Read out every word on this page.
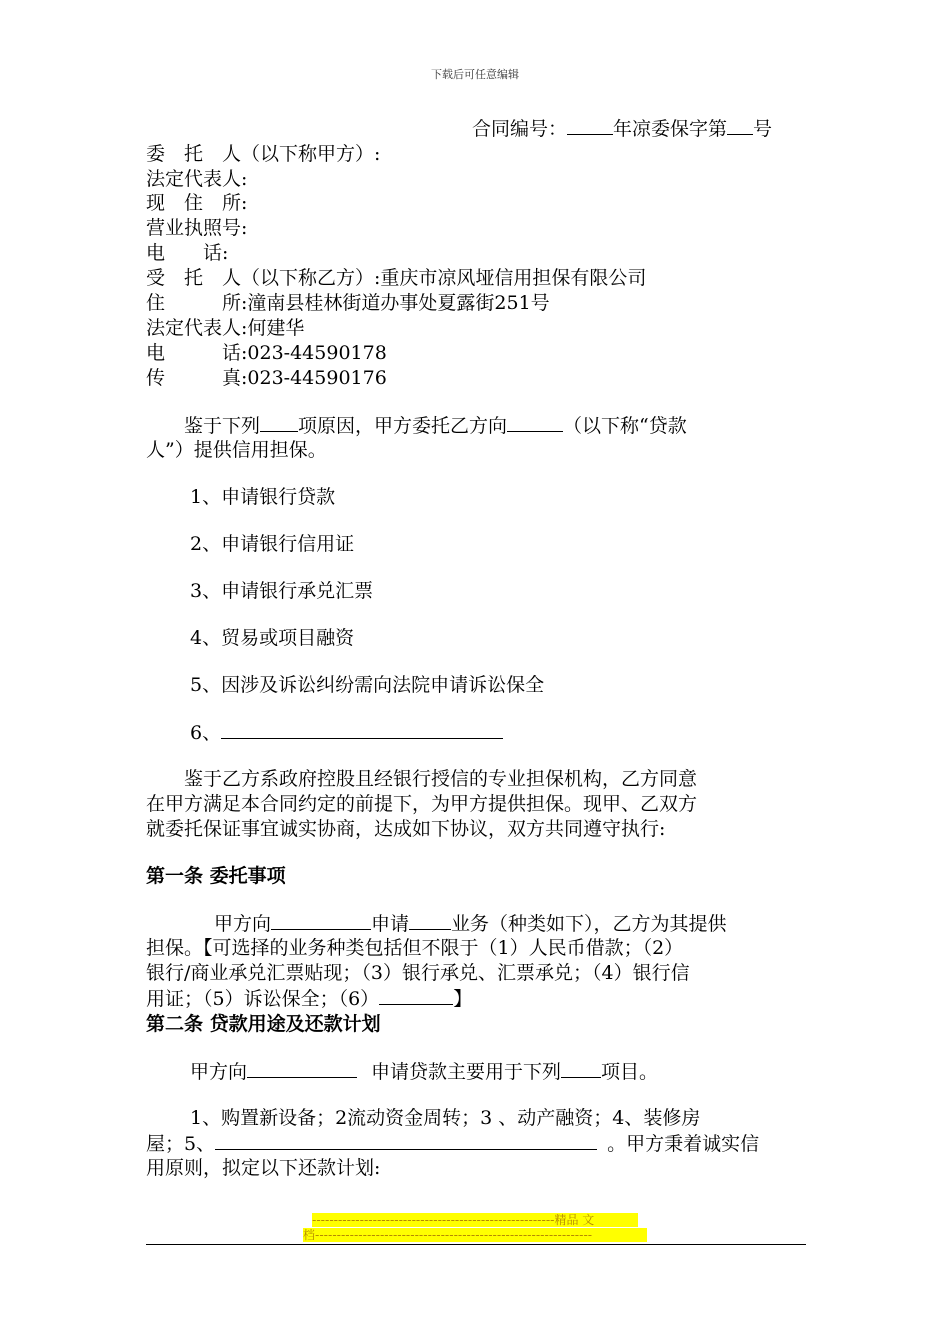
下载后可任意编辑
合同编号： 年凉委保字第 号
委　托　人（以下称甲方）:
法定代表人:
现　住　所:
营业执照号:
电　　话:
受　托　人（以下称乙方）:重庆市凉风垭信用担保有限公司
住　　　所:潼南县桂林街道办事处夏露街251号
法定代表人:何建华
电　　　话:023-44590178
传　　　真:023-44590176
鉴于下列 项原因，甲方委托乙方向	（以下称“贷款
人”）提供信用担保。
1、申请银行贷款
2、申请银行信用证
3、申请银行承兑汇票
4、贸易或项目融资
5、因涉及诉讼纠纷需向法院申请诉讼保全
6、
鉴于乙方系政府控股且经银行授信的专业担保机构，乙方同意
在甲方满足本合同约定的前提下，为甲方提供担保。现甲、乙双方
就委托保证事宜诚实协商，达成如下协议，双方共同遵守执行:
第一条 委托事项
甲方向	申请 业务（种类如下），乙方为其提供
担保。【可选择的业务种类包括但不限于（1）人民币借款；（2）
银行/商业承兑汇票贴现；（3）银行承兑、汇票承兑；（4）银行信
用证；（5）诉讼保全；（6）	】
第二条 贷款用途及还款计划
甲方向	申请贷款主要用于下列 项目。
1、购置新设备；2流动资金周转；3 、动产融资；4、装修房
屋；5、	。甲方秉着诚实信
用原则，拟定以下还款计划:
--------------------------------------------------------精品 文
档----------------------------------------------------------------
